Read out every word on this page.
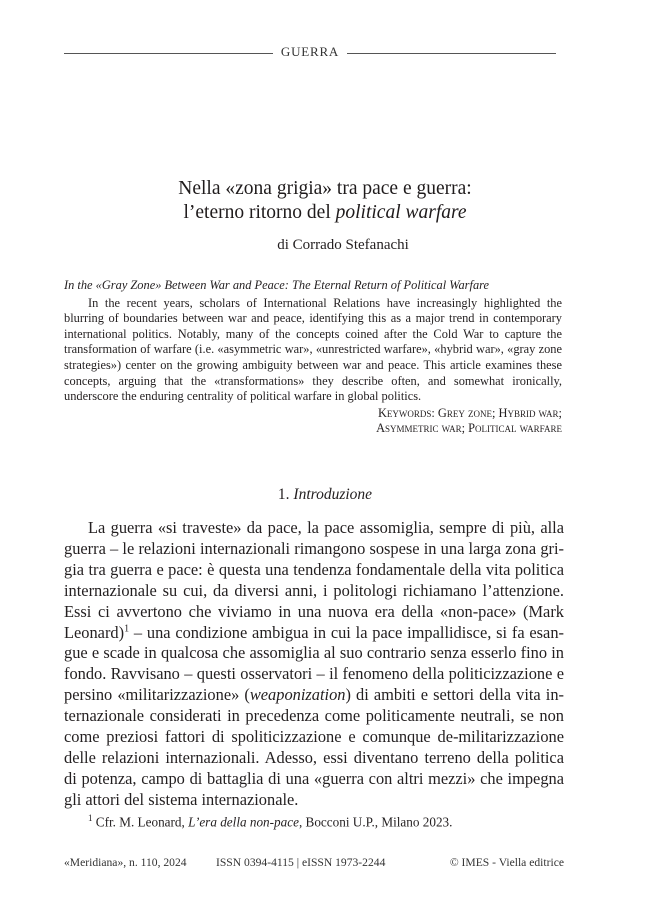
GUERRA
Nella «zona grigia» tra pace e guerra:
l’eterno ritorno del political warfare
di Corrado Stefanachi
In the «Gray Zone» Between War and Peace: The Eternal Return of Political Warfare
In the recent years, scholars of International Relations have increasingly highlighted the blurring of boundaries between war and peace, identifying this as a major trend in contemporary international politics. Notably, many of the concepts coined after the Cold War to capture the transformation of warfare (i.e. «asymmetric war», «unrestricted warfare», «hybrid war», «gray zone strategies») center on the growing ambiguity between war and peace. This article examines these concepts, arguing that the «transformations» they describe often, and somewhat ironically, underscore the enduring centrality of political warfare in global politics.
Keywords: Grey zone; Hybrid war;
Asymmetric war; Political warfare
1. Introduzione
La guerra «si traveste» da pace, la pace assomiglia, sempre di più, alla guerra – le relazioni internazionali rimangono sospese in una larga zona grigia tra guerra e pace: è questa una tendenza fondamentale della vita politica internazionale su cui, da diversi anni, i politologi richiamano l’attenzione. Essi ci avvertono che viviamo in una nuova era della «non-pace» (Mark Leonard)$^1$ – una condizione ambigua in cui la pace impallidisce, si fa esangue e scade in qualcosa che assomiglia al suo contrario senza esserlo fino in fondo. Ravvisano – questi osservatori – il fenomeno della politicizzazione e persino «militarizzazione» (weaponization) di ambiti e settori della vita internazionale considerati in precedenza come politicamente neutrali, se non come preziosi fattori di spoliticizzazione e comunque de-militarizzazione delle relazioni internazionali. Adesso, essi diventano terreno della politica di potenza, campo di battaglia di una «guerra con altri mezzi» che impegna gli attori del sistema internazionale.
$^1$ Cfr. M. Leonard, L’era della non-pace, Bocconi U.P., Milano 2023.
«Meridiana», n. 110, 2024	ISSN 0394-4115 | eISSN 1973-2244	© IMES - Viella editrice
